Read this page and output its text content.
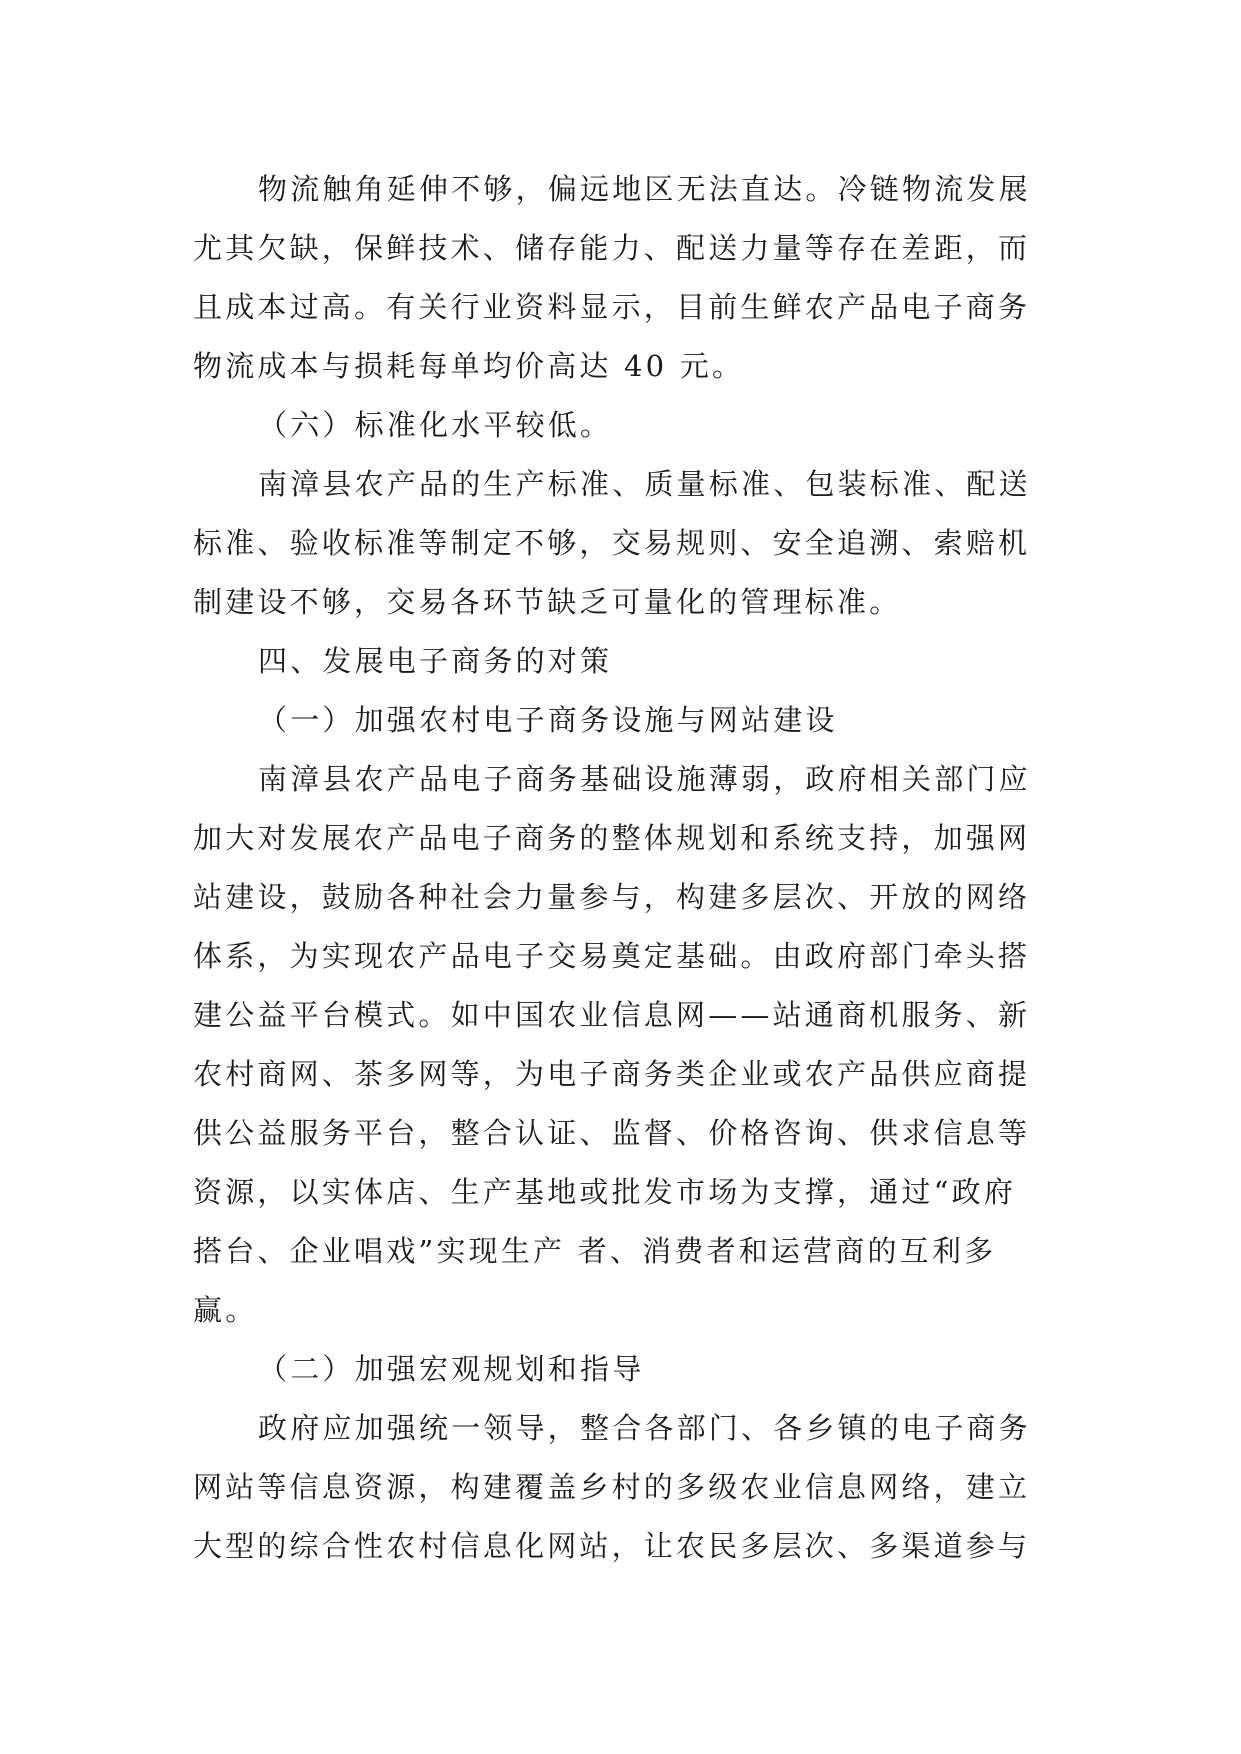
物流触角延伸不够，偏远地区无法直达。冷链物流发展
尤其欠缺，保鲜技术、储存能力、配送力量等存在差距，而
且成本过高。有关行业资料显示，目前生鲜农产品电子商务
物流成本与损耗每单均价高达 40 元。
（六）标准化水平较低。
南漳县农产品的生产标准、质量标准、包装标准、配送
标准、验收标准等制定不够，交易规则、安全追溯、索赔机
制建设不够，交易各环节缺乏可量化的管理标准。
四、发展电子商务的对策
（一）加强农村电子商务设施与网站建设
南漳县农产品电子商务基础设施薄弱，政府相关部门应
加大对发展农产品电子商务的整体规划和系统支持，加强网
站建设，鼓励各种社会力量参与，构建多层次、开放的网络
体系，为实现农产品电子交易奠定基础。由政府部门牵头搭
建公益平台模式。如中国农业信息网——站通商机服务、新
农村商网、茶多网等，为电子商务类企业或农产品供应商提
供公益服务平台，整合认证、监督、价格咨询、供求信息等
资源，以实体店、生产基地或批发市场为支撑，通过“政府
搭台、企业唱戏”实现生产 者、消费者和运营商的互利多
赢。
（二）加强宏观规划和指导
政府应加强统一领导，整合各部门、各乡镇的电子商务
网站等信息资源，构建覆盖乡村的多级农业信息网络，建立
大型的综合性农村信息化网站，让农民多层次、多渠道参与
